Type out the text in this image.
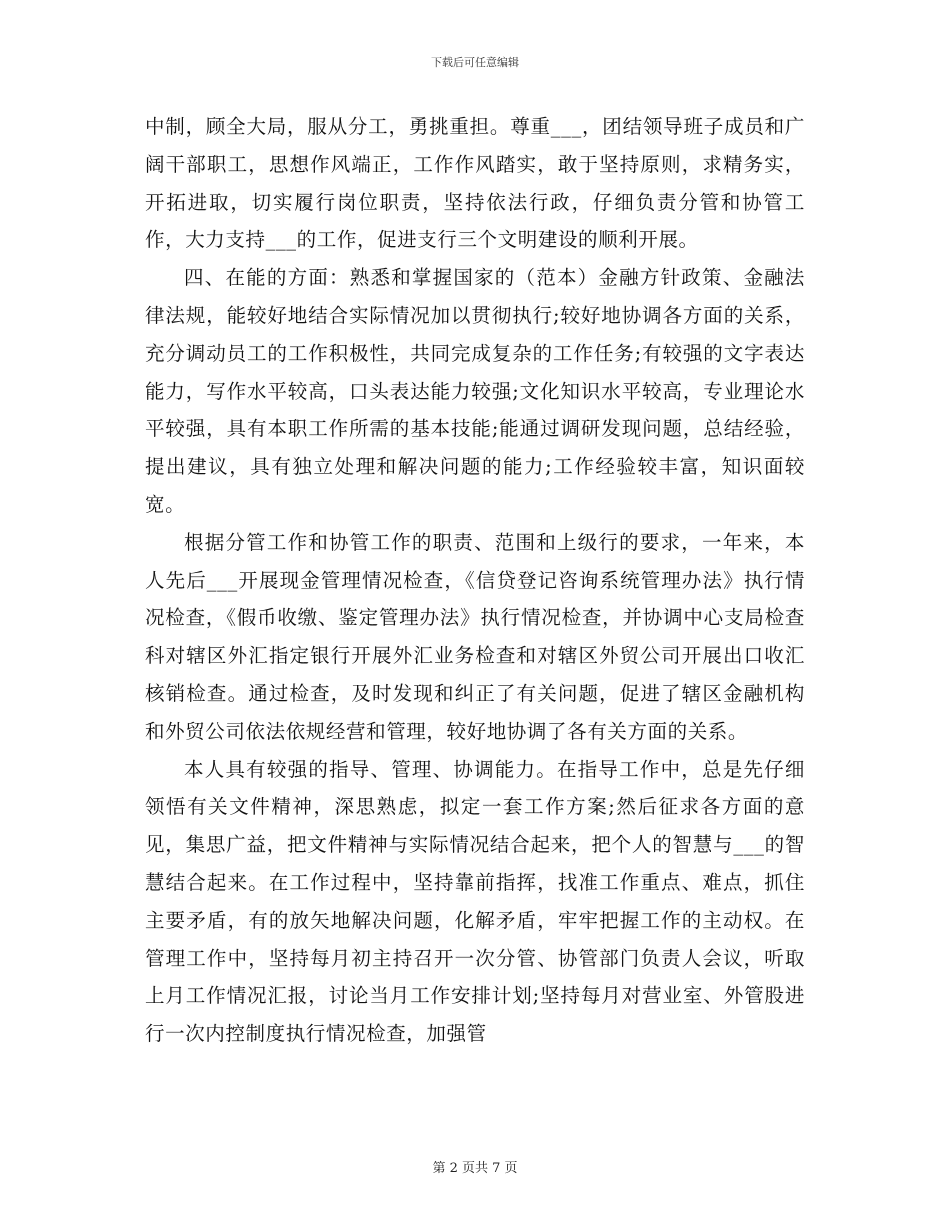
下载后可任意编辑

中制，顾全大局，服从分工，勇挑重担。尊重___，团结领导班子成员和广阔干部职工，思想作风端正，工作作风踏实，敢于坚持原则，求精务实，开拓进取，切实履行岗位职责，坚持依法行政，仔细负责分管和协管工作，大力支持___的工作，促进支行三个文明建设的顺利开展。

四、在能的方面：熟悉和掌握国家的（范本）金融方针政策、金融法律法规，能较好地结合实际情况加以贯彻执行;较好地协调各方面的关系，充分调动员工的工作积极性，共同完成复杂的工作任务;有较强的文字表达能力，写作水平较高，口头表达能力较强;文化知识水平较高，专业理论水平较强，具有本职工作所需的基本技能;能通过调研发现问题，总结经验，提出建议，具有独立处理和解决问题的能力;工作经验较丰富，知识面较宽。

根据分管工作和协管工作的职责、范围和上级行的要求，一年来，本人先后___开展现金管理情况检查，《信贷登记咨询系统管理办法》执行情况检查，《假币收缴、鉴定管理办法》执行情况检查，并协调中心支局检查科对辖区外汇指定银行开展外汇业务检查和对辖区外贸公司开展出口收汇核销检查。通过检查，及时发现和纠正了有关问题，促进了辖区金融机构和外贸公司依法依规经营和管理，较好地协调了各有关方面的关系。

本人具有较强的指导、管理、协调能力。在指导工作中，总是先仔细领悟有关文件精神，深思熟虑，拟定一套工作方案;然后征求各方面的意见，集思广益，把文件精神与实际情况结合起来，把个人的智慧与___的智慧结合起来。在工作过程中，坚持靠前指挥，找准工作重点、难点，抓住主要矛盾，有的放矢地解决问题，化解矛盾，牢牢把握工作的主动权。在管理工作中，坚持每月初主持召开一次分管、协管部门负责人会议，听取上月工作情况汇报，讨论当月工作安排计划;坚持每月对营业室、外管股进行一次内控制度执行情况检查，加强管

第 2 页共 7 页
